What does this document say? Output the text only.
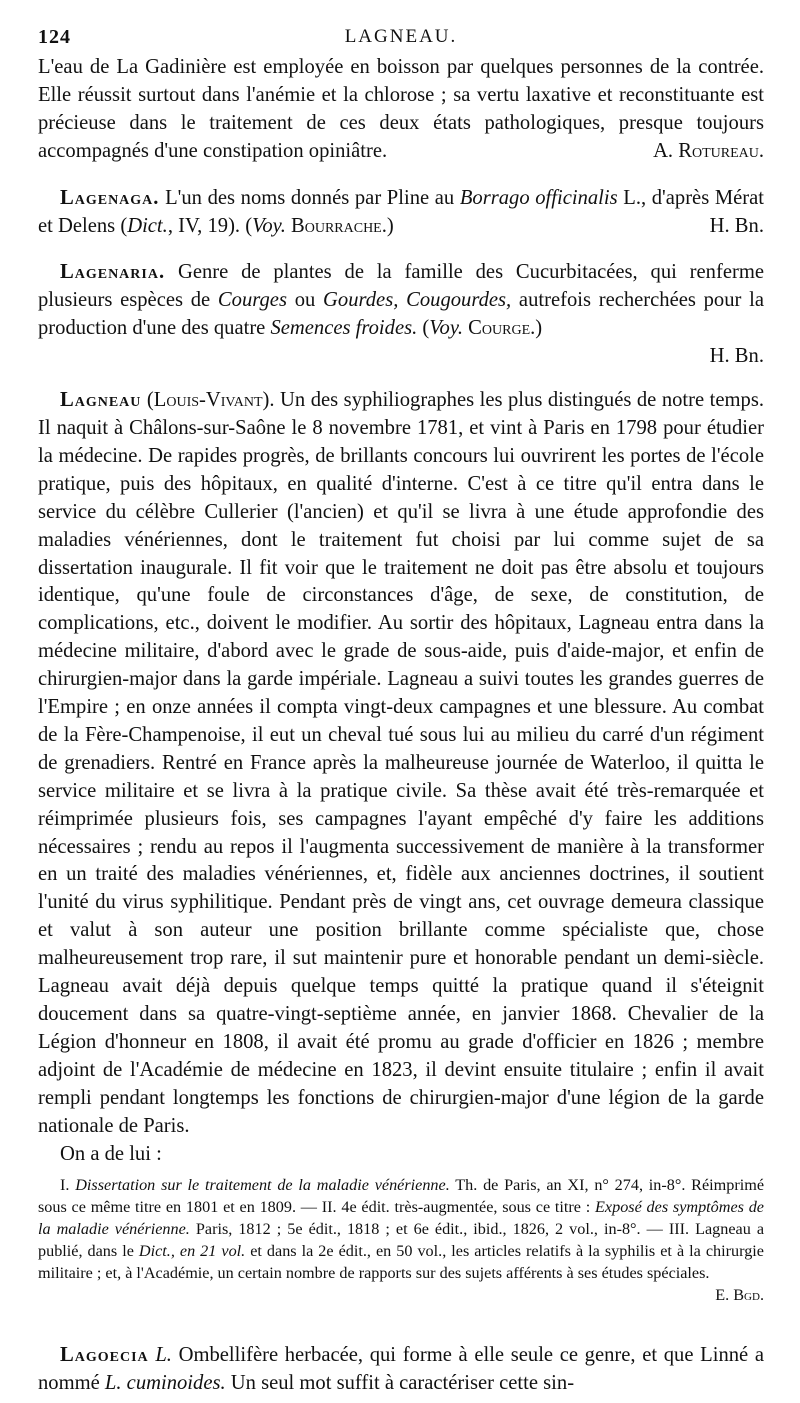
124	LAGNEAU.

L'eau de La Gadinière est employée en boisson par quelques personnes de la contrée. Elle réussit surtout dans l'anémie et la chlorose ; sa vertu laxative et reconstituante est précieuse dans le traitement de ces deux états pathologiques, presque toujours accompagnés d'une constipation opiniâtre.	A. Rotureau.

Lagenaga. L'un des noms donnés par Pline au Borrago officinalis L., d'après Mérat et Delens (Dict., IV, 19). (Voy. Bourrache.)	H. Bn.

Lagenaria. Genre de plantes de la famille des Cucurbitacées, qui renferme plusieurs espèces de Courges ou Gourdes, Cougourdes, autrefois recherchées pour la production d'une des quatre Semences froides. (Voy. Courge.)

H. Bn.

Lagneau (Louis-Vivant). Un des syphiliographes les plus distingués de notre temps. Il naquit à Châlons-sur-Saône le 8 novembre 1781, et vint à Paris en 1798 pour étudier la médecine. De rapides progrès, de brillants concours lui ouvrirent les portes de l'école pratique, puis des hôpitaux, en qualité d'interne. C'est à ce titre qu'il entra dans le service du célèbre Cullerier (l'ancien) et qu'il se livra à une étude approfondie des maladies vénériennes, dont le traitement fut choisi par lui comme sujet de sa dissertation inaugurale. Il fit voir que le traitement ne doit pas être absolu et toujours identique, qu'une foule de circonstances d'âge, de sexe, de constitution, de complications, etc., doivent le modifier. Au sortir des hôpitaux, Lagneau entra dans la médecine militaire, d'abord avec le grade de sous-aide, puis d'aide-major, et enfin de chirurgien-major dans la garde impériale. Lagneau a suivi toutes les grandes guerres de l'Empire ; en onze années il compta vingt-deux campagnes et une blessure. Au combat de la Fère-Champenoise, il eut un cheval tué sous lui au milieu du carré d'un régiment de grenadiers. Rentré en France après la malheureuse journée de Waterloo, il quitta le service militaire et se livra à la pratique civile. Sa thèse avait été très-remarquée et réimprimée plusieurs fois, ses campagnes l'ayant empêché d'y faire les additions nécessaires ; rendu au repos il l'augmenta successivement de manière à la transformer en un traité des maladies vénériennes, et, fidèle aux anciennes doctrines, il soutient l'unité du virus syphilitique. Pendant près de vingt ans, cet ouvrage demeura classique et valut à son auteur une position brillante comme spécialiste que, chose malheureusement trop rare, il sut maintenir pure et honorable pendant un demi-siècle. Lagneau avait déjà depuis quelque temps quitté la pratique quand il s'éteignit doucement dans sa quatre-vingt-septième année, en janvier 1868. Chevalier de la Légion d'honneur en 1808, il avait été promu au grade d'officier en 1826 ; membre adjoint de l'Académie de médecine en 1823, il devint ensuite titulaire ; enfin il avait rempli pendant longtemps les fonctions de chirurgien-major d'une légion de la garde nationale de Paris.

On a de lui :

I. Dissertation sur le traitement de la maladie vénérienne. Th. de Paris, an XI, n° 274, in-8°. Réimprimé sous ce même titre en 1801 et en 1809. — II. 4e édit. très-augmentée, sous ce titre : Exposé des symptômes de la maladie vénérienne. Paris, 1812 ; 5e édit., 1818 ; et 6e édit., ibid., 1826, 2 vol., in-8°. — III. Lagneau a publié, dans le Dict., en 21 vol. et dans la 2e édit., en 50 vol., les articles relatifs à la syphilis et à la chirurgie militaire ; et, à l'Académie, un certain nombre de rapports sur des sujets afférents à ses études spéciales.
E. Bgd.

Lagoecia L. Ombellifère herbacée, qui forme à elle seule ce genre, et que Linné a nommé L. cuminoides. Un seul mot suffit à caractériser cette sin-
